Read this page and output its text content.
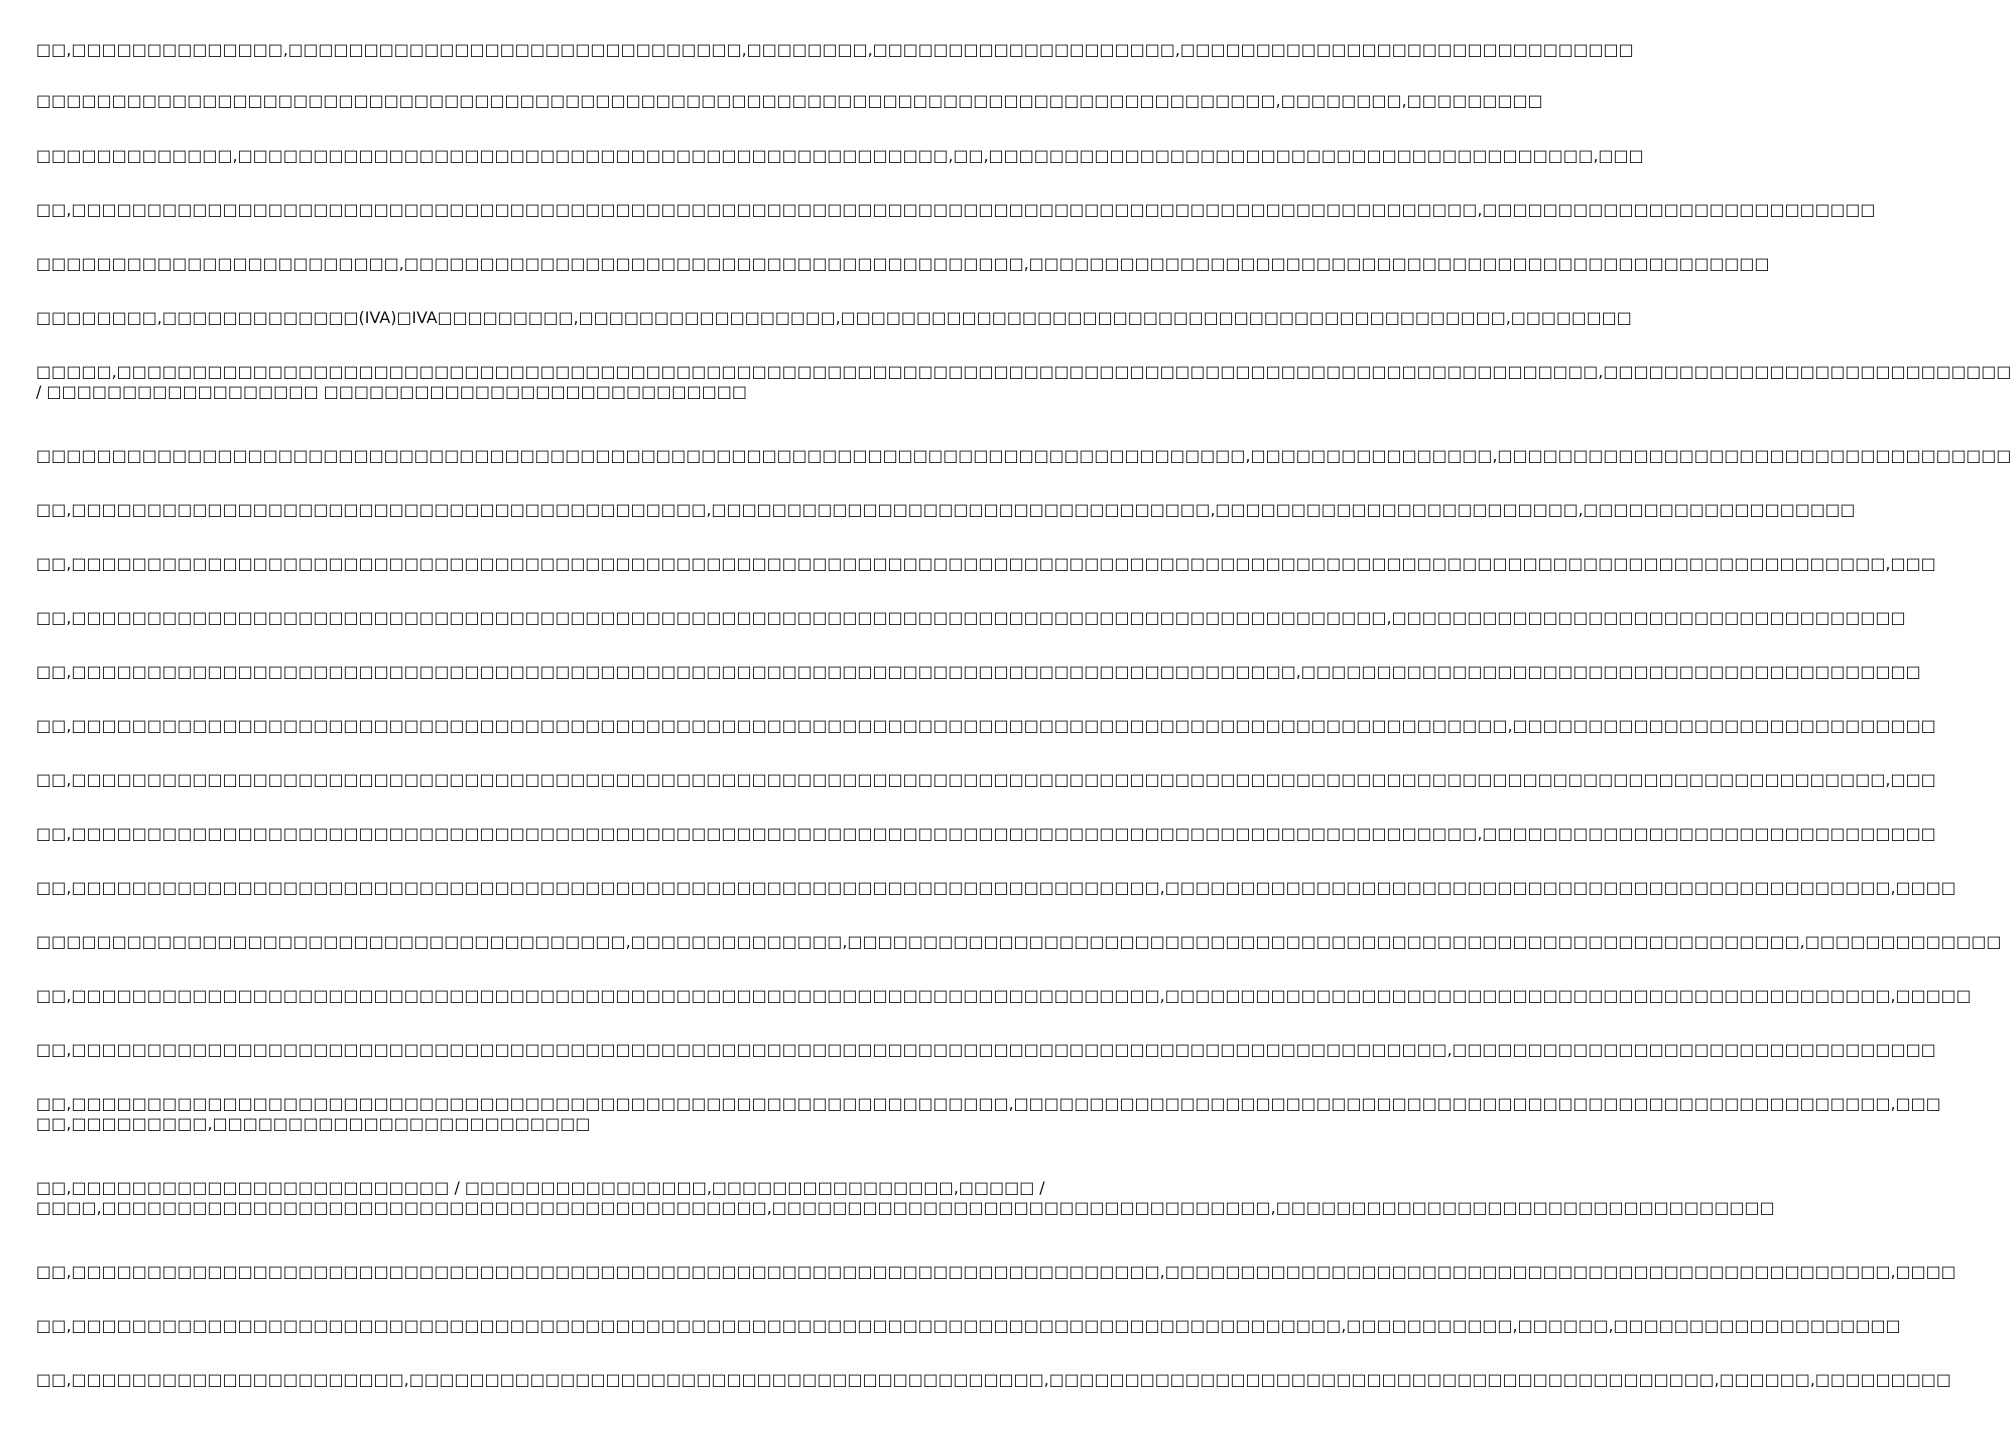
□□,□□□□□□□□□□□□□□,□□□□□□□□□□□□□□□□□□□□□□□□□□□□□□,□□□□□□□□,□□□□□□□□□□□□□□□□□□□□,□□□□□□□□□□□□□□□□□□□□□□□□□□□□□□

□□□□□□□□□□□□□□□□□□□□□□□□□□□□□□□□□□□□□□□□□□□□□□□□□□□□□□□□□□□□□□□□□□□□□□□□□□□□□□□□□□,□□□□□□□□,□□□□□□□□□

□□□□□□□□□□□□□,□□□□□□□□□□□□□□□□□□□□□□□□□□□□□□□□□□□□□□□□□□□□□□□,□□,□□□□□□□□□□□□□□□□□□□□□□□□□□□□□□□□□□□□□□□□,□□□

□□,□□□□□□□□□□□□□□□□□□□□□□□□□□□□□□□□□□□□□□□□□□□□□□□□□□□□□□□□□□□□□□□□□□□□□□□□□□□□□□□□□□□□□□□□□□□□□,□□□□□□□□□□□□□□□□□□□□□□□□□□

□□□□□□□□□□□□□□□□□□□□□□□□,□□□□□□□□□□□□□□□□□□□□□□□□□□□□□□□□□□□□□□□□□,□□□□□□□□□□□□□□□□□□□□□□□□□□□□□□□□□□□□□□□□□□□□□□□□□

□□□□□□□□,□□□□□□□□□□□□□(IVA)□IVA□□□□□□□□□,□□□□□□□□□□□□□□□□□,□□□□□□□□□□□□□□□□□□□□□□□□□□□□□□□□□□□□□□□□□□□□,□□□□□□□□

□□□□□,□□□□□□□□□□□□□□□□□□□□□□□□□□□□□□□□□□□□□□□□□□□□□□□□□□□□□□□□□□□□□□□□□□□□□□□□□□□□□□□□□□□□□□□□□□□□□□□□□□,□□□□□□□□□□□□□□□□□□□□□□□□□□□
/ □□□□□□□□□□□□□□□□□□ □□□□□□□□□□□□□□□□□□□□□□□□□□□□

□□□□□□□□□□□□□□□□□□□□□□□□□□□□□□□□□□□□□□□□□□□□□□□□□□□□□□□□□□□□□□□□□□□□□□□□□□□□□□□□,□□□□□□□□□□□□□□□□,□□□□□□□□□□□□□□□□□□□□□□□□□□□□□□□□□□

□□,□□□□□□□□□□□□□□□□□□□□□□□□□□□□□□□□□□□□□□□□□□,□□□□□□□□□□□□□□□□□□□□□□□□□□□□□□□□□,□□□□□□□□□□□□□□□□□□□□□□□□,□□□□□□□□□□□□□□□□□□

□□,□□□□□□□□□□□□□□□□□□□□□□□□□□□□□□□□□□□□□□□□□□□□□□□□□□□□□□□□□□□□□□□□□□□□□□□□□□□□□□□□□□□□□□□□□□□□□□□□□□□□□□□□□□□□□□□□□□□□□□□□,□□□

□□,□□□□□□□□□□□□□□□□□□□□□□□□□□□□□□□□□□□□□□□□□□□□□□□□□□□□□□□□□□□□□□□□□□□□□□□□□□□□□□□□□□□□□□□,□□□□□□□□□□□□□□□□□□□□□□□□□□□□□□□□□□

□□,□□□□□□□□□□□□□□□□□□□□□□□□□□□□□□□□□□□□□□□□□□□□□□□□□□□□□□□□□□□□□□□□□□□□□□□□□□□□□□□□□,□□□□□□□□□□□□□□□□□□□□□□□□□□□□□□□□□□□□□□□□□

□□,□□□□□□□□□□□□□□□□□□□□□□□□□□□□□□□□□□□□□□□□□□□□□□□□□□□□□□□□□□□□□□□□□□□□□□□□□□□□□□□□□□□□□□□□□□□□□□□,□□□□□□□□□□□□□□□□□□□□□□□□□□□□

□□,□□□□□□□□□□□□□□□□□□□□□□□□□□□□□□□□□□□□□□□□□□□□□□□□□□□□□□□□□□□□□□□□□□□□□□□□□□□□□□□□□□□□□□□□□□□□□□□□□□□□□□□□□□□□□□□□□□□□□□□□,□□□

□□,□□□□□□□□□□□□□□□□□□□□□□□□□□□□□□□□□□□□□□□□□□□□□□□□□□□□□□□□□□□□□□□□□□□□□□□□□□□□□□□□□□□□□□□□□□□□□,□□□□□□□□□□□□□□□□□□□□□□□□□□□□□□

□□,□□□□□□□□□□□□□□□□□□□□□□□□□□□□□□□□□□□□□□□□□□□□□□□□□□□□□□□□□□□□□□□□□□□□□□□□,□□□□□□□□□□□□□□□□□□□□□□□□□□□□□□□□□□□□□□□□□□□□□□□□,□□□□

□□□□□□□□□□□□□□□□□□□□□□□□□□□□□□□□□□□□□□□,□□□□□□□□□□□□□□,□□□□□□□□□□□□□□□□□□□□□□□□□□□□□□□□□□□□□□□□□□□□□□□□□□□□□□□□□□□□□□□,□□□□□□□□□□□□□

□□,□□□□□□□□□□□□□□□□□□□□□□□□□□□□□□□□□□□□□□□□□□□□□□□□□□□□□□□□□□□□□□□□□□□□□□□□,□□□□□□□□□□□□□□□□□□□□□□□□□□□□□□□□□□□□□□□□□□□□□□□□,□□□□□

□□,□□□□□□□□□□□□□□□□□□□□□□□□□□□□□□□□□□□□□□□□□□□□□□□□□□□□□□□□□□□□□□□□□□□□□□□□□□□□□□□□□□□□□□□□□□□,□□□□□□□□□□□□□□□□□□□□□□□□□□□□□□□□

□□,□□□□□□□□□□□□□□□□□□□□□□□□□□□□□□□□□□□□□□□□□□□□□□□□□□□□□□□□□□□□□□,□□□□□□□□□□□□□□□□□□□□□□□□□□□□□□□□□□□□□□□□□□□□□□□□□□□□□□□□□□,□□□
□□,□□□□□□□□□,□□□□□□□□□□□□□□□□□□□□□□□□□

□□,□□□□□□□□□□□□□□□□□□□□□□□□□ / □□□□□□□□□□□□□□□□,□□□□□□□□□□□□□□□□,□□□□□ /
□□□□,□□□□□□□□□□□□□□□□□□□□□□□□□□□□□□□□□□□□□□□□□□□□,□□□□□□□□□□□□□□□□□□□□□□□□□□□□□□□□□,□□□□□□□□□□□□□□□□□□□□□□□□□□□□□□□□□

□□,□□□□□□□□□□□□□□□□□□□□□□□□□□□□□□□□□□□□□□□□□□□□□□□□□□□□□□□□□□□□□□□□□□□□□□□□,□□□□□□□□□□□□□□□□□□□□□□□□□□□□□□□□□□□□□□□□□□□□□□□□,□□□□

□□,□□□□□□□□□□□□□□□□□□□□□□□□□□□□□□□□□□□□□□□□□□□□□□□□□□□□□□□□□□□□□□□□□□□□□□□□□□□□□□□□□□□□,□□□□□□□□□□□,□□□□□□,□□□□□□□□□□□□□□□□□□□

□□,□□□□□□□□□□□□□□□□□□□□□□,□□□□□□□□□□□□□□□□□□□□□□□□□□□□□□□□□□□□□□□□□□,□□□□□□□□□□□□□□□□□□□□□□□□□□□□□□□□□□□□□□□□□□□□,□□□□□□,□□□□□□□□□
